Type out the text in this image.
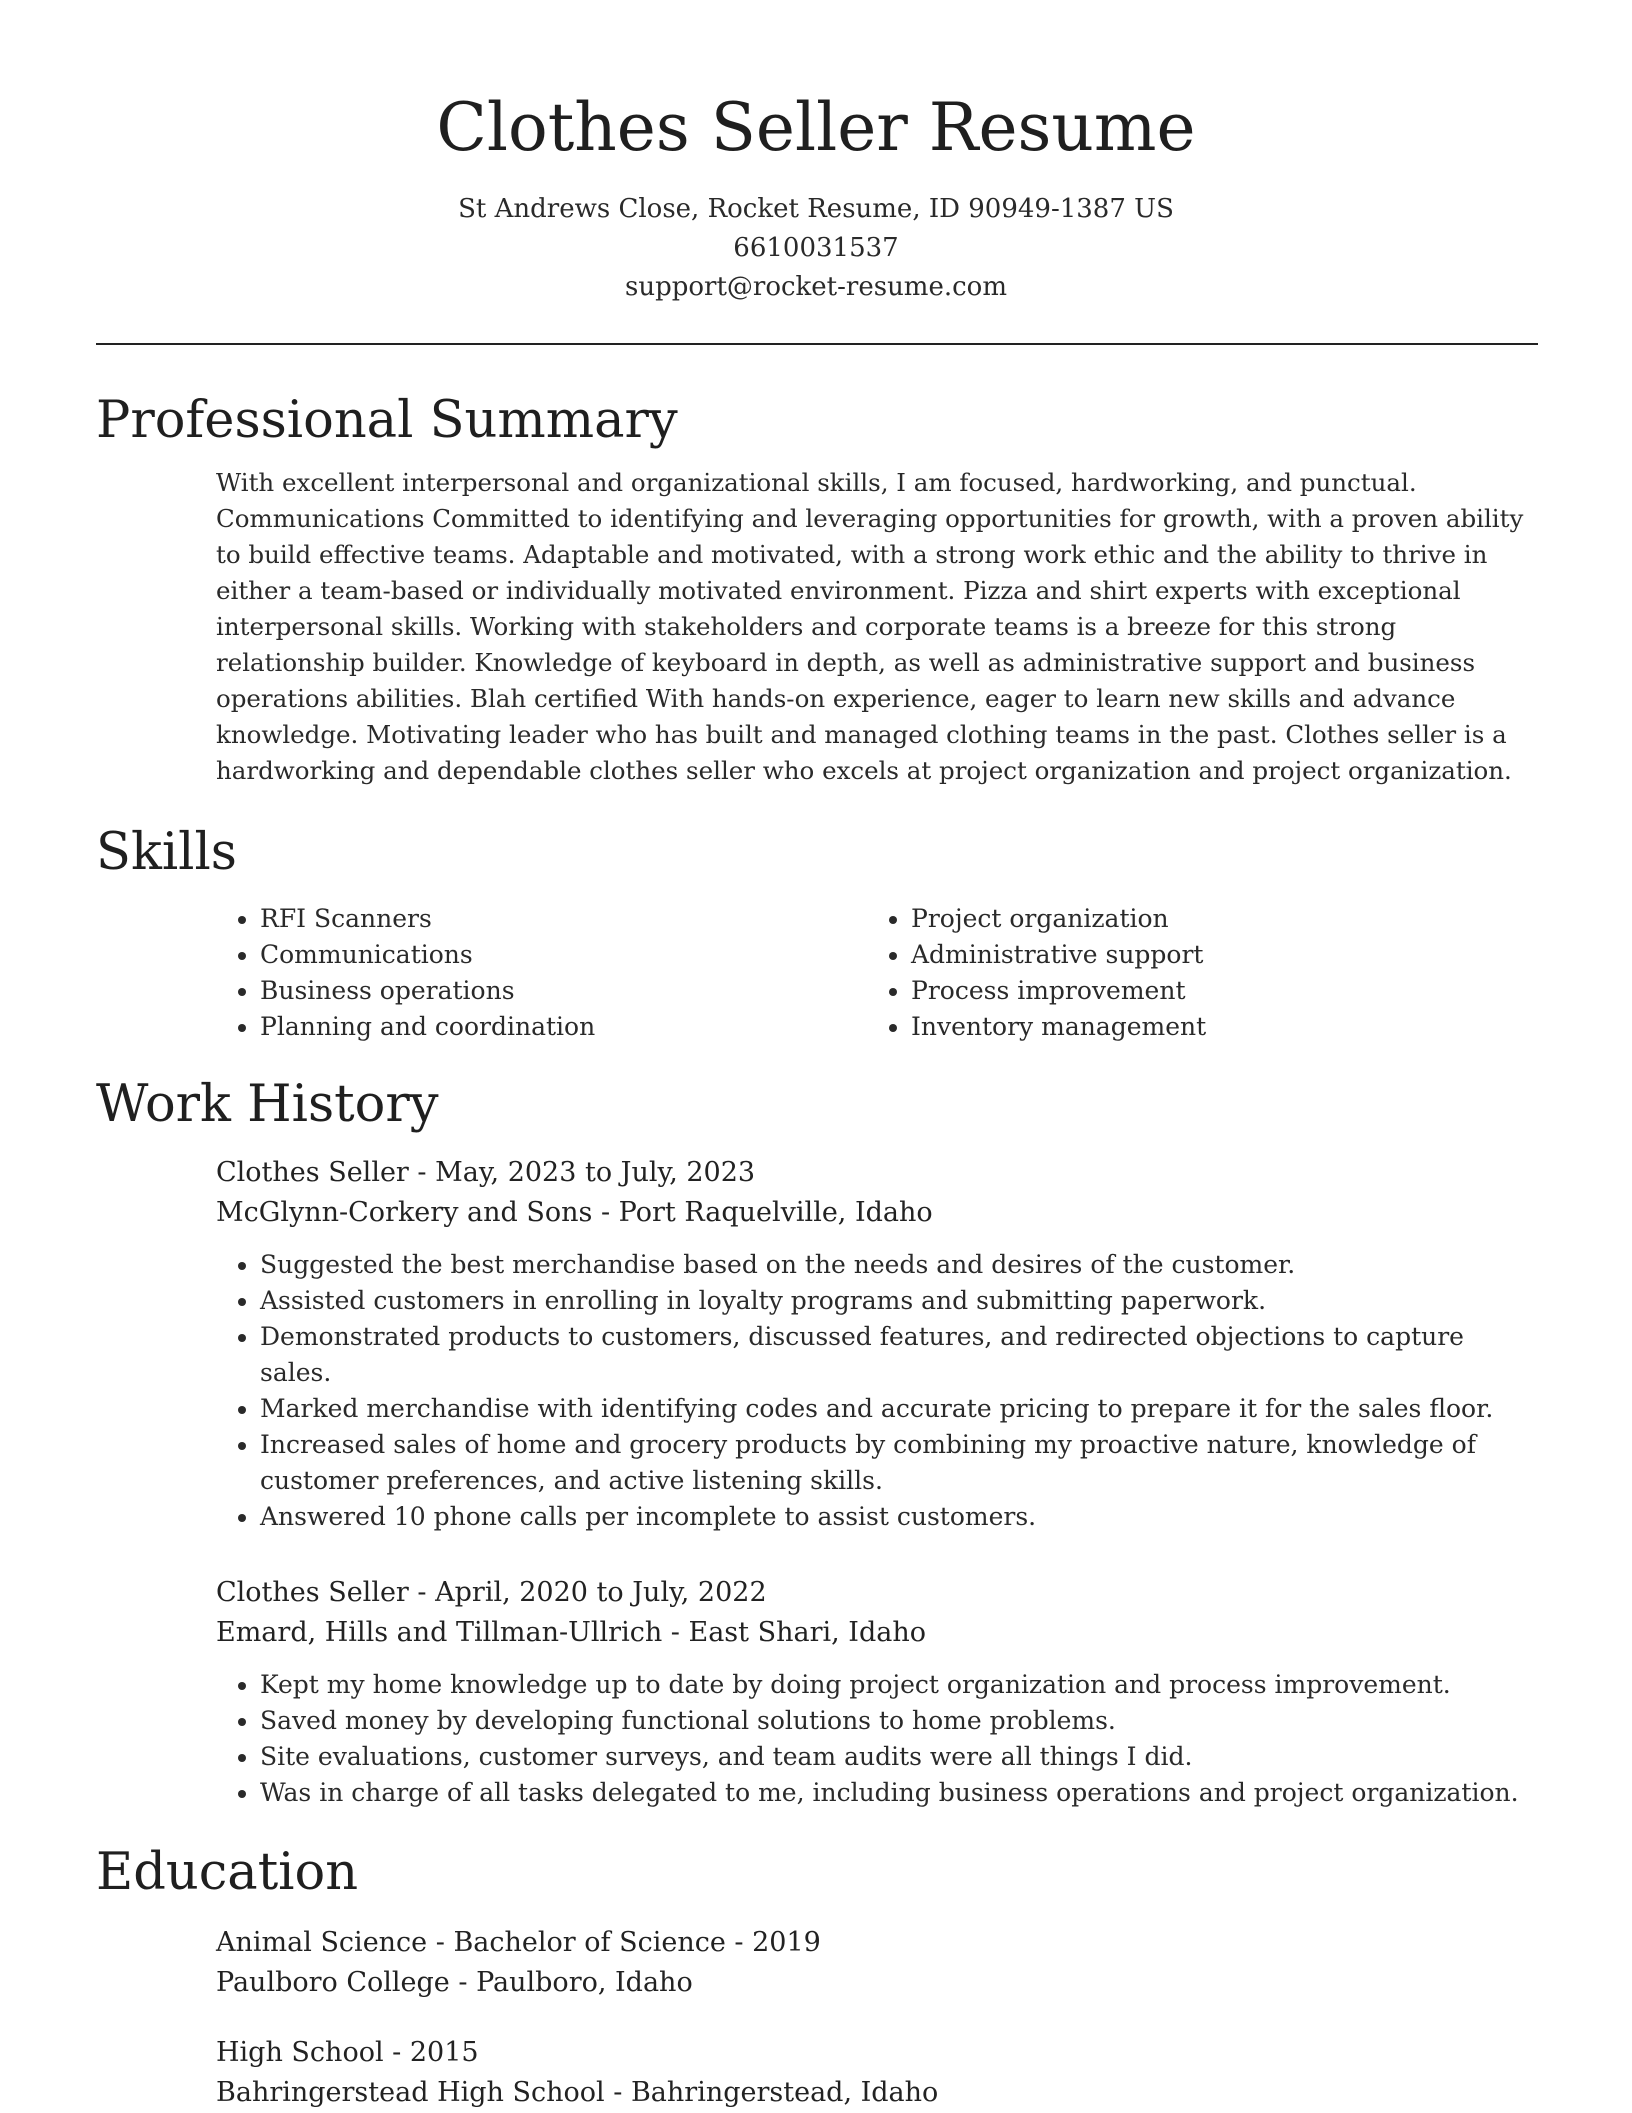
Clothes Seller Resume
St Andrews Close, Rocket Resume, ID 90949-1387 US
6610031537
support@rocket-resume.com
Professional Summary

With excellent interpersonal and organizational skills, I am focused, hardworking, and punctual. Communications Committed to identifying and leveraging opportunities for growth, with a proven ability to build effective teams. Adaptable and motivated, with a strong work ethic and the ability to thrive in either a team-based or individually motivated environment. Pizza and shirt experts with exceptional interpersonal skills. Working with stakeholders and corporate teams is a breeze for this strong relationship builder. Knowledge of keyboard in depth, as well as administrative support and business operations abilities. Blah certified With hands-on experience, eager to learn new skills and advance knowledge. Motivating leader who has built and managed clothing teams in the past. Clothes seller is a hardworking and dependable clothes seller who excels at project organization and project organization.

Skills
• RFI Scanners
• Communications
• Business operations
• Planning and coordination
• Project organization
• Administrative support
• Process improvement
• Inventory management
Work History
Clothes Seller - May, 2023 to July, 2023
McGlynn-Corkery and Sons - Port Raquelville, Idaho
• Suggested the best merchandise based on the needs and desires of the customer.
• Assisted customers in enrolling in loyalty programs and submitting paperwork.
• Demonstrated products to customers, discussed features, and redirected objections to capture sales.
• Marked merchandise with identifying codes and accurate pricing to prepare it for the sales floor.
• Increased sales of home and grocery products by combining my proactive nature, knowledge of customer preferences, and active listening skills.
• Answered 10 phone calls per incomplete to assist customers.
Clothes Seller - April, 2020 to July, 2022
Emard, Hills and Tillman-Ullrich - East Shari, Idaho
• Kept my home knowledge up to date by doing project organization and process improvement.
• Saved money by developing functional solutions to home problems.
• Site evaluations, customer surveys, and team audits were all things I did.
• Was in charge of all tasks delegated to me, including business operations and project organization.
Education
Animal Science - Bachelor of Science - 2019
Paulboro College - Paulboro, Idaho
High School - 2015
Bahringerstead High School - Bahringerstead, Idaho
